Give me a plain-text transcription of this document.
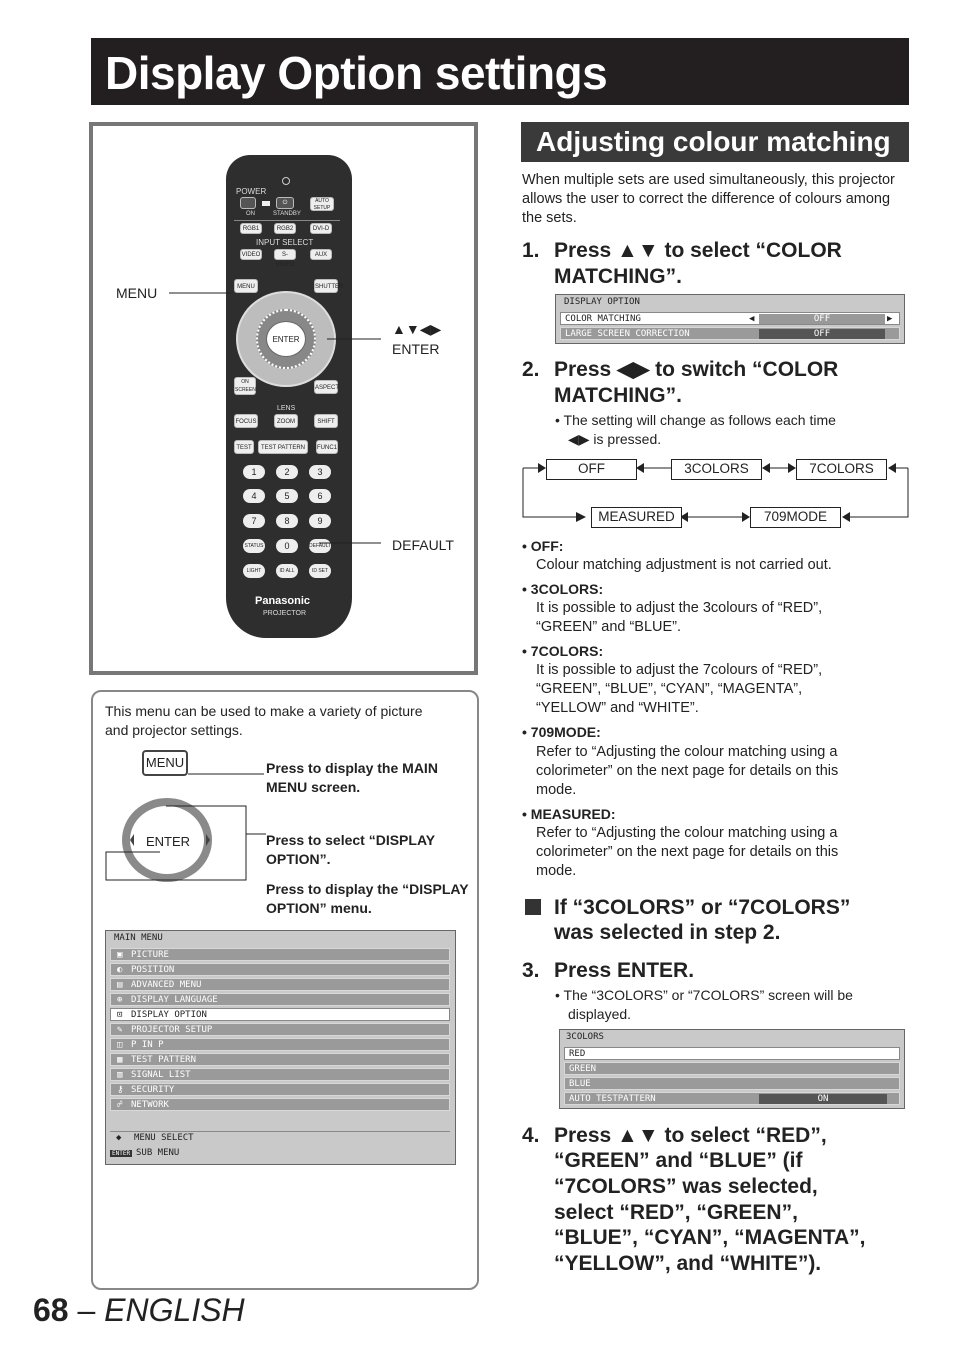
Display Option settings
POWER
⏻	AUTO SETUP
ON	STANDBY
RGB1	RGB2	DVI-D
INPUT SELECT
VIDEO	S-VIDEO
AUX
MENU	SHUTTER
ENTER
ON SCREEN	ASPECT
LENS
FOCUS	ZOOM	SHIFT
TEST	TEST PATTERN	FUNC1
1	2	3
4	5	6
7	8	9
STATUS	0	DEFAULT
LIGHT	ID ALL	ID SET
Panasonic
PROJECTOR
MENU
▲▼◀▶
ENTER
DEFAULT
This menu can be used to make a variety of picture and projector settings.
MENU
ENTER
Press to display the MAIN MENU screen.
Press to select “DISPLAY OPTION”.
Press to display the “DISPLAY OPTION” menu.
MAIN MENU
▣ PICTURE
◐ POSITION
▤ ADVANCED MENU
⊕ DISPLAY LANGUAGE
⊡ DISPLAY OPTION
✎ PROJECTOR SETUP
◫ P IN P
▦ TEST PATTERN
▥ SIGNAL LIST
⚷ SECURITY
☍ NETWORK
◆ MENU SELECT
ENTER SUB MENU
Adjusting colour matching
When multiple sets are used simultaneously, this projector allows the user to correct the difference of colours among the sets.
1. Press ▲▼ to select “COLOR
MATCHING”.
DISPLAY OPTION
COLOR MATCHING	◀	OFF	▶
LARGE SCREEN CORRECTION	OFF
2. Press ◀▶ to switch “COLOR
MATCHING”.
• The setting will change as follows each time
◀▶ is pressed.
OFF	3COLORS	7COLORS
MEASURED	709MODE
• OFF:
Colour matching adjustment is not carried out.
• 3COLORS:
It is possible to adjust the 3colours of “RED”,
“GREEN” and “BLUE”.
• 7COLORS:
It is possible to adjust the 7colours of “RED”,
“GREEN”, “BLUE”, “CYAN”, “MAGENTA”,
“YELLOW” and “WHITE”.
• 709MODE:
Refer to “Adjusting the colour matching using a
colorimeter” on the next page for details on this
mode.
• MEASURED:
Refer to “Adjusting the colour matching using a
colorimeter” on the next page for details on this
mode.
If “3COLORS” or “7COLORS”
was selected in step 2.
3. Press ENTER.
• The “3COLORS” or “7COLORS” screen will be
displayed.
3COLORS
RED
GREEN
BLUE
AUTO TESTPATTERN	ON
4. Press ▲▼ to select “RED”,
“GREEN” and “BLUE” (if
“7COLORS” was selected,
select “RED”, “GREEN”,
“BLUE”, “CYAN”, “MAGENTA”,
“YELLOW”, and “WHITE”).
68 – ENGLISH
